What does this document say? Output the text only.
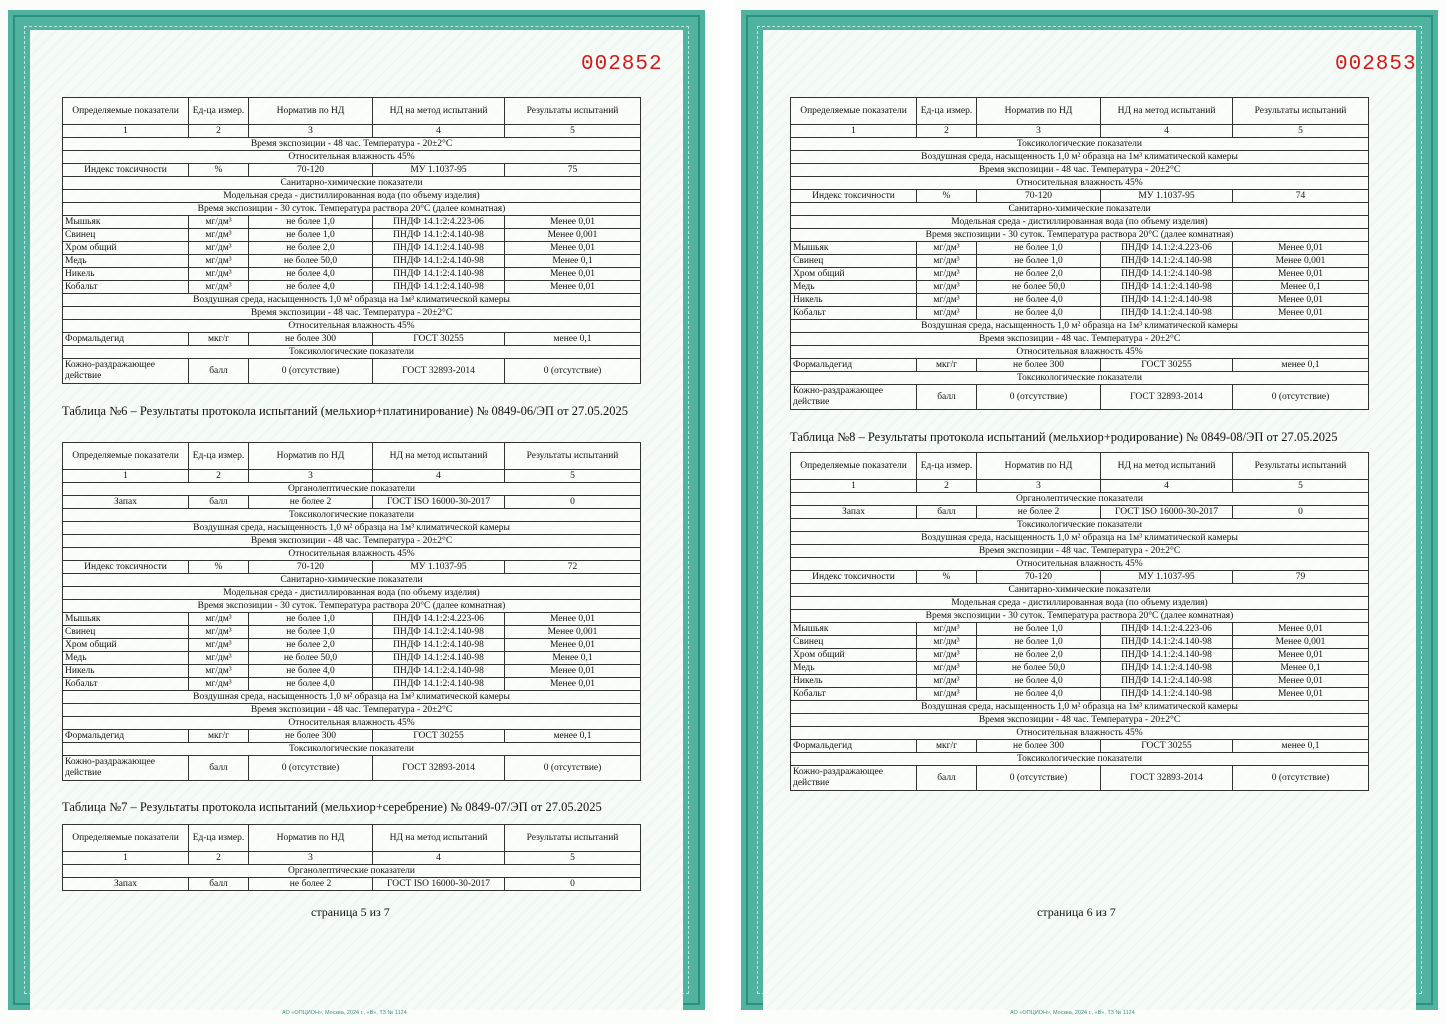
002852
Определяемые показатели	Ед-ца измер.	Норматив по НД	НД на метод испытаний	Результаты испытаний
1	2	3	4	5
Время экспозиции - 48 час. Температура - 20±2°С				
Относительная влажность 45%				
Индекс токсичности	%	70-120	МУ 1.1037-95	75
Санитарно-химические показатели				
Модельная среда - дистиллированная вода (по объему изделия)				
Время экспозиции - 30 суток. Температура раствора 20°С (далее комнатная)				
Мышьяк	мг/дм³	не более 1,0	ПНДФ 14.1:2:4.223-06	Менее 0,01
Свинец	мг/дм³	не более 1,0	ПНДФ 14.1:2:4.140-98	Менее 0,001
Хром общий	мг/дм³	не более 2,0	ПНДФ 14.1:2:4.140-98	Менее 0,01
Медь	мг/дм³	не более 50,0	ПНДФ 14.1:2:4.140-98	Менее 0,1
Никель	мг/дм³	не более 4,0	ПНДФ 14.1:2:4.140-98	Менее 0,01
Кобальт	мг/дм³	не более 4,0	ПНДФ 14.1:2:4.140-98	Менее 0,01
Воздушная среда, насыщенность 1,0 м² образца на 1м³ климатической камеры				
Время экспозиции - 48 час. Температура - 20±2°С				
Относительная влажность 45%				
Формальдегид	мкг/г	не более 300	ГОСТ 30255	менее 0,1
Токсикологические показатели				
Кожно-раздражающее действие	балл	0 (отсутствие)	ГОСТ 32893-2014	0 (отсутствие)
Таблица №6 – Результаты протокола испытаний (мельхиор+платинирование) № 0849-06/ЭП от 27.05.2025
Определяемые показатели	Ед-ца измер.	Норматив по НД	НД на метод испытаний	Результаты испытаний
1	2	3	4	5
Органолептические показатели				
Запах	балл	не более 2	ГОСТ ISO 16000-30-2017	0
Токсикологические показатели				
Воздушная среда, насыщенность 1,0 м² образца на 1м³ климатической камеры				
Время экспозиции - 48 час. Температура - 20±2°С				
Относительная влажность 45%				
Индекс токсичности	%	70-120	МУ 1.1037-95	72
Санитарно-химические показатели				
Модельная среда - дистиллированная вода (по объему изделия)				
Время экспозиции - 30 суток. Температура раствора 20°С (далее комнатная)				
Мышьяк	мг/дм³	не более 1,0	ПНДФ 14.1:2:4.223-06	Менее 0,01
Свинец	мг/дм³	не более 1,0	ПНДФ 14.1:2:4.140-98	Менее 0,001
Хром общий	мг/дм³	не более 2,0	ПНДФ 14.1:2:4.140-98	Менее 0,01
Медь	мг/дм³	не более 50,0	ПНДФ 14.1:2:4.140-98	Менее 0,1
Никель	мг/дм³	не более 4,0	ПНДФ 14.1:2:4.140-98	Менее 0,01
Кобальт	мг/дм³	не более 4,0	ПНДФ 14.1:2:4.140-98	Менее 0,01
Воздушная среда, насыщенность 1,0 м² образца на 1м³ климатической камеры				
Время экспозиции - 48 час. Температура - 20±2°С				
Относительная влажность 45%				
Формальдегид	мкг/г	не более 300	ГОСТ 30255	менее 0,1
Токсикологические показатели				
Кожно-раздражающее действие	балл	0 (отсутствие)	ГОСТ 32893-2014	0 (отсутствие)
Таблица №7 – Результаты протокола испытаний (мельхиор+серебрение) № 0849-07/ЭП от 27.05.2025
Определяемые показатели	Ед-ца измер.	Норматив по НД	НД на метод испытаний	Результаты испытаний
1	2	3	4	5
Органолептические показатели				
Запах	балл	не более 2	ГОСТ ISO 16000-30-2017	0
страница 5 из 7
АО «ОПЦИОН», Москва, 2024 г., «В», ТЗ № 1124
002853
Определяемые показатели	Ед-ца измер.	Норматив по НД	НД на метод испытаний	Результаты испытаний
1	2	3	4	5
Токсикологические показатели				
Воздушная среда, насыщенность 1,0 м² образца на 1м³ климатической камеры				
Время экспозиции - 48 час. Температура - 20±2°С				
Относительная влажность 45%				
Индекс токсичности	%	70-120	МУ 1.1037-95	74
Санитарно-химические показатели				
Модельная среда - дистиллированная вода (по объему изделия)				
Время экспозиции - 30 суток. Температура раствора 20°С (далее комнатная)				
Мышьяк	мг/дм³	не более 1,0	ПНДФ 14.1:2:4.223-06	Менее 0,01
Свинец	мг/дм³	не более 1,0	ПНДФ 14.1:2:4.140-98	Менее 0,001
Хром общий	мг/дм³	не более 2,0	ПНДФ 14.1:2:4.140-98	Менее 0,01
Медь	мг/дм³	не более 50,0	ПНДФ 14.1:2:4.140-98	Менее 0,1
Никель	мг/дм³	не более 4,0	ПНДФ 14.1:2:4.140-98	Менее 0,01
Кобальт	мг/дм³	не более 4,0	ПНДФ 14.1:2:4.140-98	Менее 0,01
Воздушная среда, насыщенность 1,0 м² образца на 1м³ климатической камеры				
Время экспозиции - 48 час. Температура - 20±2°С				
Относительная влажность 45%				
Формальдегид	мкг/г	не более 300	ГОСТ 30255	менее 0,1
Токсикологические показатели				
Кожно-раздражающее действие	балл	0 (отсутствие)	ГОСТ 32893-2014	0 (отсутствие)
Таблица №8 – Результаты протокола испытаний (мельхиор+родирование) № 0849-08/ЭП от 27.05.2025
Определяемые показатели	Ед-ца измер.	Норматив по НД	НД на метод испытаний	Результаты испытаний
1	2	3	4	5
Органолептические показатели				
Запах	балл	не более 2	ГОСТ ISO 16000-30-2017	0
Токсикологические показатели				
Воздушная среда, насыщенность 1,0 м² образца на 1м³ климатической камеры				
Время экспозиции - 48 час. Температура - 20±2°С				
Относительная влажность 45%				
Индекс токсичности	%	70-120	МУ 1.1037-95	79
Санитарно-химические показатели				
Модельная среда - дистиллированная вода (по объему изделия)				
Время экспозиции - 30 суток. Температура раствора 20°С (далее комнатная)				
Мышьяк	мг/дм³	не более 1,0	ПНДФ 14.1:2:4.223-06	Менее 0,01
Свинец	мг/дм³	не более 1,0	ПНДФ 14.1:2:4.140-98	Менее 0,001
Хром общий	мг/дм³	не более 2,0	ПНДФ 14.1:2:4.140-98	Менее 0,01
Медь	мг/дм³	не более 50,0	ПНДФ 14.1:2:4.140-98	Менее 0,1
Никель	мг/дм³	не более 4,0	ПНДФ 14.1:2:4.140-98	Менее 0,01
Кобальт	мг/дм³	не более 4,0	ПНДФ 14.1:2:4.140-98	Менее 0,01
Воздушная среда, насыщенность 1,0 м² образца на 1м³ климатической камеры				
Время экспозиции - 48 час. Температура - 20±2°С				
Относительная влажность 45%				
Формальдегид	мкг/г	не более 300	ГОСТ 30255	менее 0,1
Токсикологические показатели				
Кожно-раздражающее действие	балл	0 (отсутствие)	ГОСТ 32893-2014	0 (отсутствие)
страница 6 из 7
АО «ОПЦИОН», Москва, 2024 г., «В», ТЗ № 1124
